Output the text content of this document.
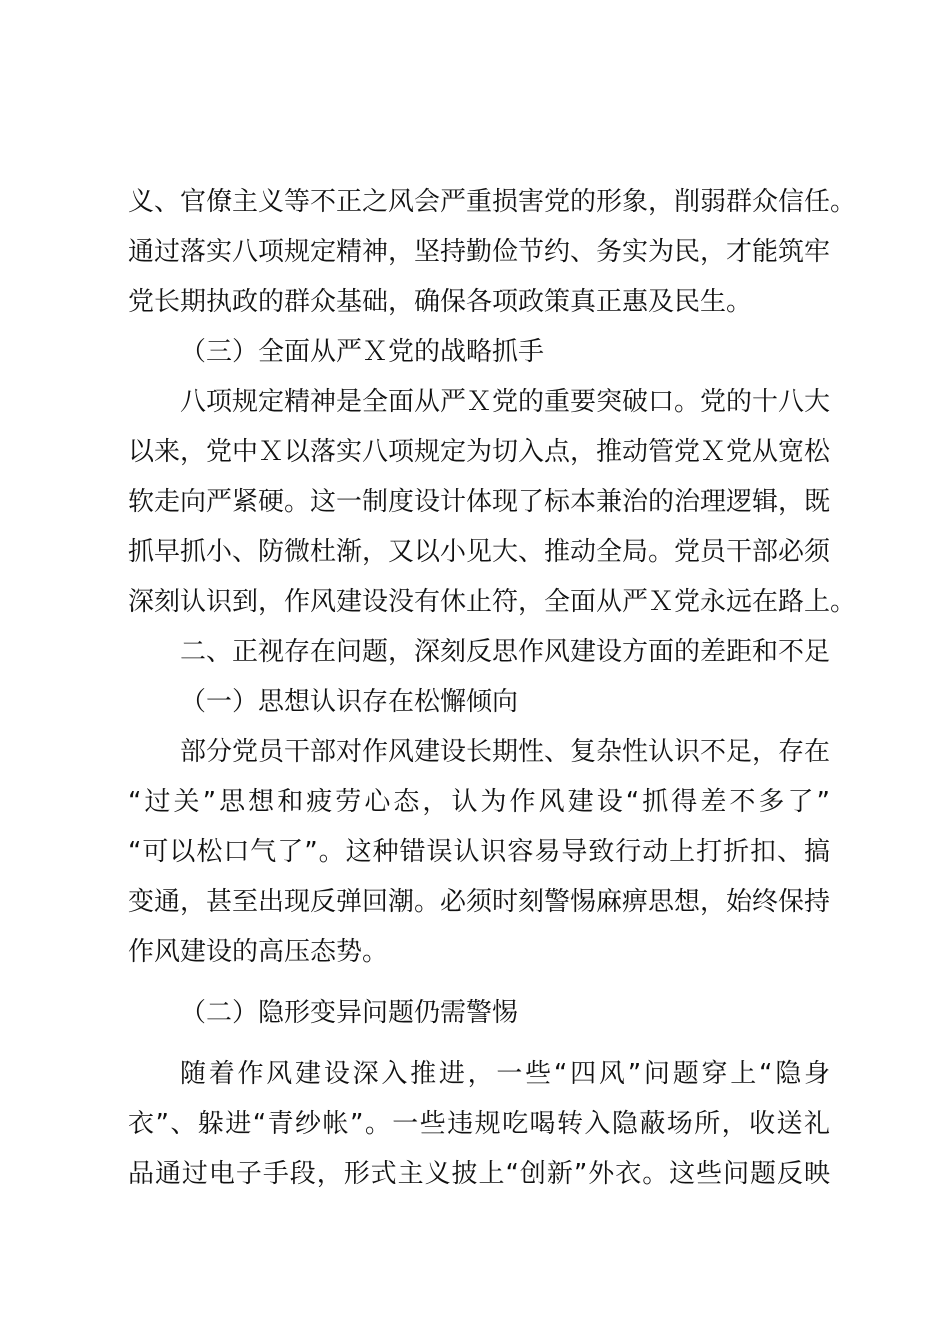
义、官僚主义等不正之风会严重损害党的形象，削弱群众信任。
通过落实八项规定精神，坚持勤俭节约、务实为民，才能筑牢
党长期执政的群众基础，确保各项政策真正惠及民生。
（三）全面从严Ｘ党的战略抓手
八项规定精神是全面从严Ｘ党的重要突破口。党的十八大
以来，党中Ｘ以落实八项规定为切入点，推动管党Ｘ党从宽松
软走向严紧硬。这一制度设计体现了标本兼治的治理逻辑，既
抓早抓小、防微杜渐，又以小见大、推动全局。党员干部必须
深刻认识到，作风建设没有休止符，全面从严Ｘ党永远在路上。
二、正视存在问题，深刻反思作风建设方面的差距和不足
（一）思想认识存在松懈倾向
部分党员干部对作风建设长期性、复杂性认识不足，存在
“过关”思想和疲劳心态，认为作风建设“抓得差不多了”
“可以松口气了”。这种错误认识容易导致行动上打折扣、搞
变通，甚至出现反弹回潮。必须时刻警惕麻痹思想，始终保持
作风建设的高压态势。
（二）隐形变异问题仍需警惕
随着作风建设深入推进，一些“四风”问题穿上“隐身
衣”、躲进“青纱帐”。一些违规吃喝转入隐蔽场所，收送礼
品通过电子手段，形式主义披上“创新”外衣。这些问题反映
